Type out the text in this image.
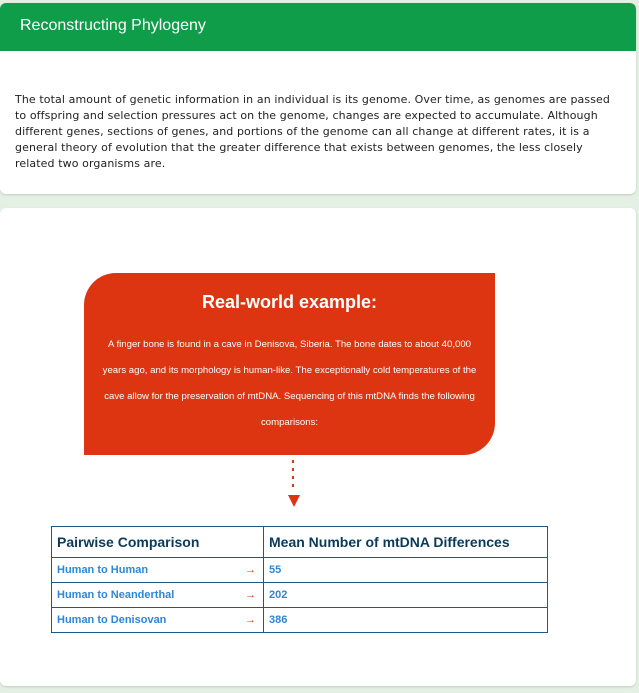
Reconstructing Phylogeny
The total amount of genetic information in an individual is its genome. Over time, as genomes are passed to offspring and selection pressures act on the genome, changes are expected to accumulate. Although different genes, sections of genes, and portions of the genome can all change at different rates, it is a general theory of evolution that the greater difference that exists between genomes, the less closely related two organisms are.
Real-world example:
A finger bone is found in a cave in Denisova, Siberia. The bone dates to about 40,000 years ago, and its morphology is human-like. The exceptionally cold temperatures of the cave allow for the preservation of mtDNA. Sequencing of this mtDNA finds the following comparisons:
Pairwise Comparison	Mean Number of mtDNA Differences

Human to Human →	55

Human to Neanderthal →	202

Human to Denisovan →	386
